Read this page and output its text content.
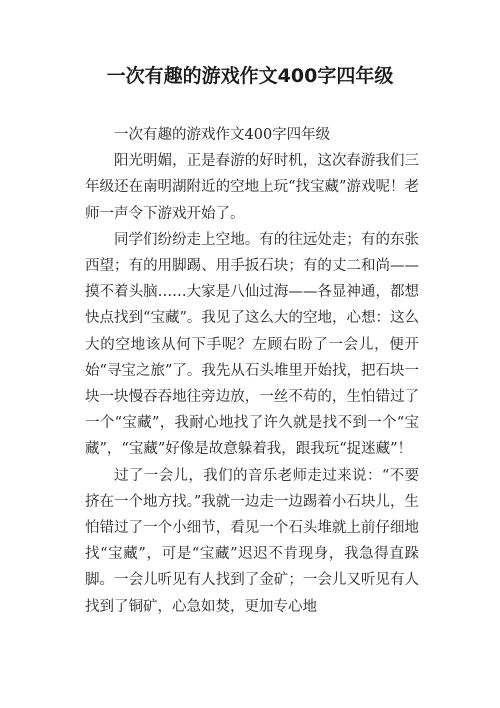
一次有趣的游戏作文400字四年级

一次有趣的游戏作文400字四年级

阳光明媚，正是春游的好时机，这次春游我们三年级还在南明湖附近的空地上玩“找宝藏”游戏呢！老师一声令下游戏开始了。

同学们纷纷走上空地。有的往远处走；有的东张西望；有的用脚踢、用手扳石块；有的丈二和尚——摸不着头脑……大家是八仙过海——各显神通，都想快点找到“宝藏”。我见了这么大的空地，心想：这么大的空地该从何下手呢？左顾右盼了一会儿，便开始“寻宝之旅”了。我先从石头堆里开始找，把石块一块一块慢吞吞地往旁边放，一丝不苟的，生怕错过了一个“宝藏”，我耐心地找了许久就是找不到一个“宝藏”，“宝藏”好像是故意躲着我，跟我玩“捉迷藏”！

过了一会儿，我们的音乐老师走过来说：“不要挤在一个地方找。”我就一边走一边踢着小石块儿，生怕错过了一个小细节，看见一个石头堆就上前仔细地找“宝藏”，可是“宝藏”迟迟不肯现身，我急得直跺脚。一会儿听见有人找到了金矿；一会儿又听见有人找到了铜矿，心急如焚，更加专心地
